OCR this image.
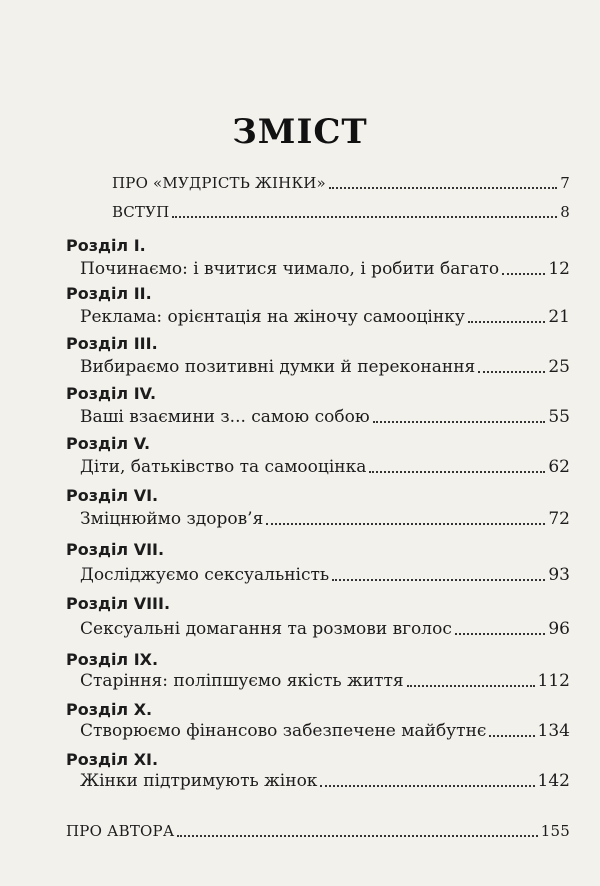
ЗМІСТ
ПРО «МУДРІСТЬ ЖІНКИ»	7
ВСТУП	8
Розділ І.
Починаємо: і вчитися чимало, і робити багато	12
Розділ II.
Реклама: орієнтація на жіночу самооцінку	21
Розділ III.
Вибираємо позитивні думки й переконання	25
Розділ IV.
Ваші взаємини з... самою собою	55
Розділ V.
Діти, батьківство та самооцінка	62
Розділ VI.
Зміцнюймо здоров’я	72
Розділ VII.
Досліджуємо сексуальність	93
Розділ VIII.
Сексуальні домагання та розмови вголос	96
Розділ IX.
Старіння: поліпшуємо якість життя	112
Розділ X.
Створюємо фінансово забезпечене майбутнє	134
Розділ XI.
Жінки підтримують жінок	142
ПРО АВТОРА	155
